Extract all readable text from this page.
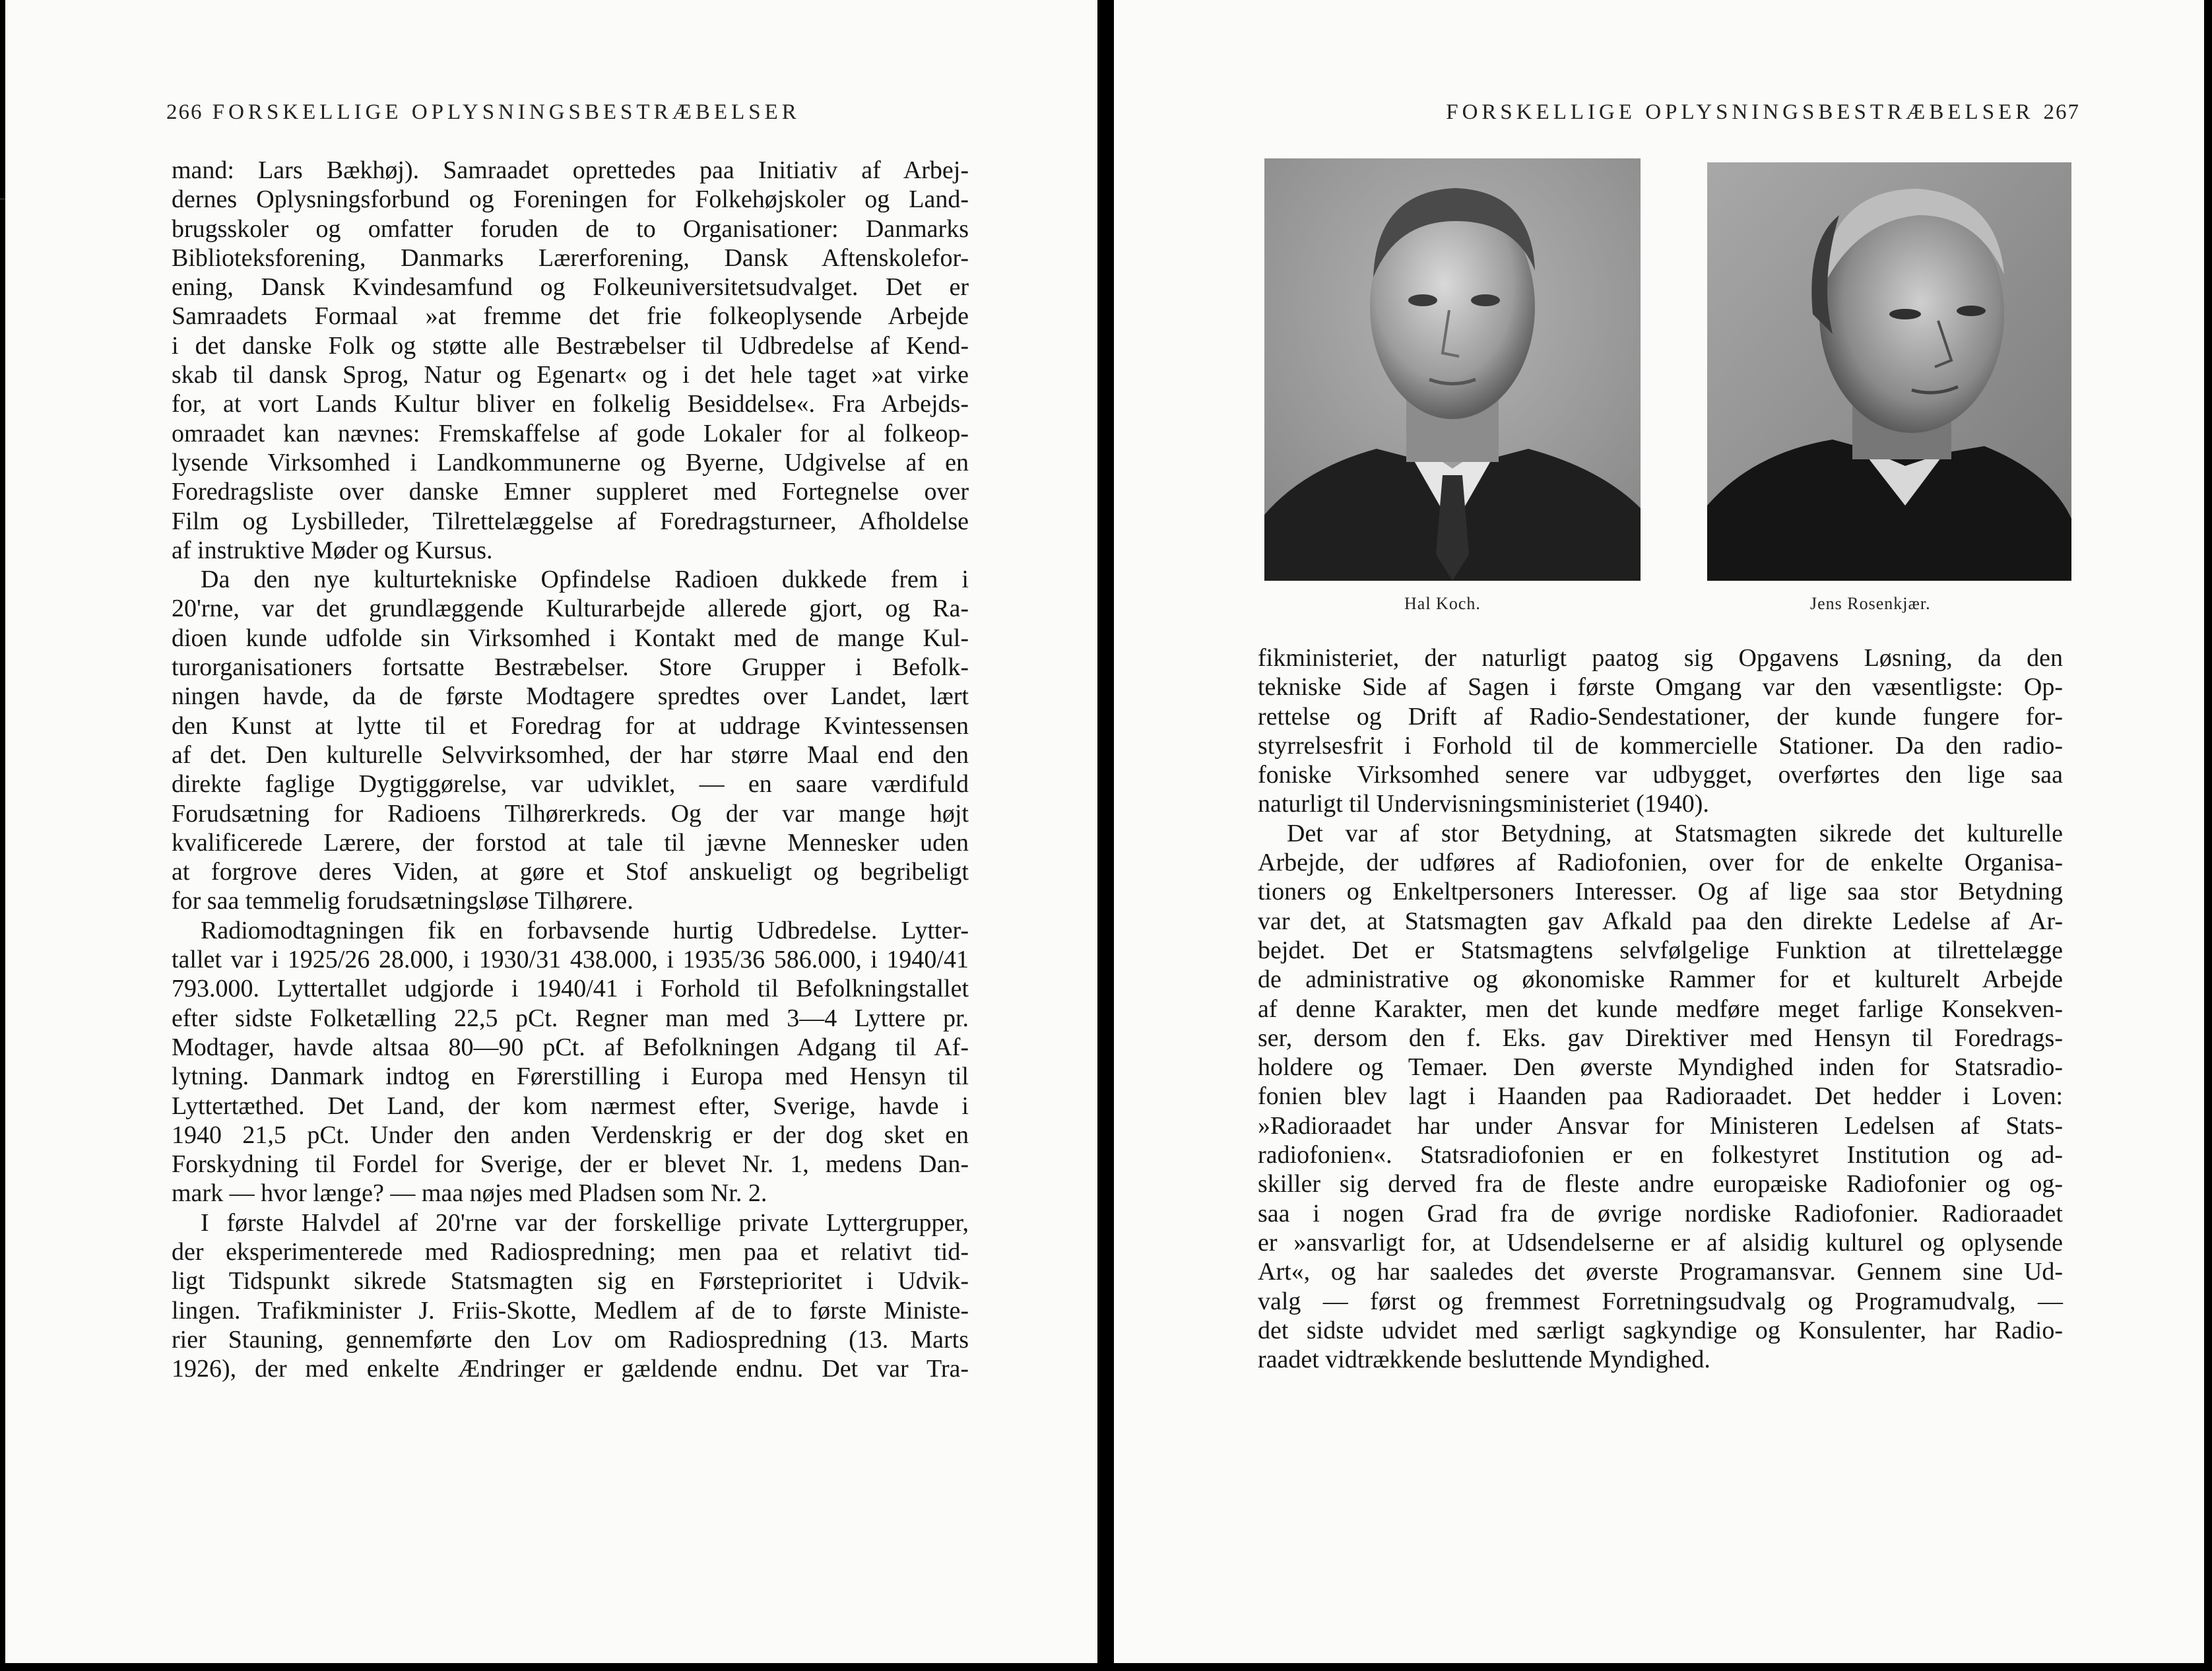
266 FORSKELLIGE OPLYSNINGSBESTRÆBELSER
mand: Lars Bækhøj). Samraadet oprettedes paa Initiativ af Arbej-
dernes Oplysningsforbund og Foreningen for Folkehøjskoler og Land-
brugsskoler og omfatter foruden de to Organisationer: Danmarks
Biblioteksforening, Danmarks Lærerforening, Dansk Aftenskolefor-
ening, Dansk Kvindesamfund og Folkeuniversitetsudvalget. Det er
Samraadets Formaal »at fremme det frie folkeoplysende Arbejde
i det danske Folk og støtte alle Bestræbelser til Udbredelse af Kend-
skab til dansk Sprog, Natur og Egenart« og i det hele taget »at virke
for, at vort Lands Kultur bliver en folkelig Besiddelse«. Fra Arbejds-
omraadet kan nævnes: Fremskaffelse af gode Lokaler for al folkeop-
lysende Virksomhed i Landkommunerne og Byerne, Udgivelse af en
Foredragsliste over danske Emner suppleret med Fortegnelse over
Film og Lysbilleder, Tilrettelæggelse af Foredragsturneer, Afholdelse
af instruktive Møder og Kursus.
Da den nye kulturtekniske Opfindelse Radioen dukkede frem i
20'rne, var det grundlæggende Kulturarbejde allerede gjort, og Ra-
dioen kunde udfolde sin Virksomhed i Kontakt med de mange Kul-
turorganisationers fortsatte Bestræbelser. Store Grupper i Befolk-
ningen havde, da de første Modtagere spredtes over Landet, lært
den Kunst at lytte til et Foredrag for at uddrage Kvintessensen
af det. Den kulturelle Selvvirksomhed, der har større Maal end den
direkte faglige Dygtiggørelse, var udviklet, — en saare værdifuld
Forudsætning for Radioens Tilhørerkreds. Og der var mange højt
kvalificerede Lærere, der forstod at tale til jævne Mennesker uden
at forgrove deres Viden, at gøre et Stof anskueligt og begribeligt
for saa temmelig forudsætningsløse Tilhørere.
Radiomodtagningen fik en forbavsende hurtig Udbredelse. Lytter-
tallet var i 1925/26 28.000, i 1930/31 438.000, i 1935/36 586.000, i 1940/41
793.000. Lyttertallet udgjorde i 1940/41 i Forhold til Befolkningstallet
efter sidste Folketælling 22,5 pCt. Regner man med 3—4 Lyttere pr.
Modtager, havde altsaa 80—90 pCt. af Befolkningen Adgang til Af-
lytning. Danmark indtog en Førerstilling i Europa med Hensyn til
Lyttertæthed. Det Land, der kom nærmest efter, Sverige, havde i
1940 21,5 pCt. Under den anden Verdenskrig er der dog sket en
Forskydning til Fordel for Sverige, der er blevet Nr. 1, medens Dan-
mark — hvor længe? — maa nøjes med Pladsen som Nr. 2.
I første Halvdel af 20'rne var der forskellige private Lyttergrupper,
der eksperimenterede med Radiospredning; men paa et relativt tid-
ligt Tidspunkt sikrede Statsmagten sig en Førsteprioritet i Udvik-
lingen. Trafikminister J. Friis-Skotte, Medlem af de to første Ministe-
rier Stauning, gennemførte den Lov om Radiospredning (13. Marts
1926), der med enkelte Ændringer er gældende endnu. Det var Tra-
FORSKELLIGE OPLYSNINGSBESTRÆBELSER 267
Hal Koch.	Jens Rosenkjær.
fikministeriet, der naturligt paatog sig Opgavens Løsning, da den
tekniske Side af Sagen i første Omgang var den væsentligste: Op-
rettelse og Drift af Radio-Sendestationer, der kunde fungere for-
styrrelsesfrit i Forhold til de kommercielle Stationer. Da den radio-
foniske Virksomhed senere var udbygget, overførtes den lige saa
naturligt til Undervisningsministeriet (1940).
Det var af stor Betydning, at Statsmagten sikrede det kulturelle
Arbejde, der udføres af Radiofonien, over for de enkelte Organisa-
tioners og Enkeltpersoners Interesser. Og af lige saa stor Betydning
var det, at Statsmagten gav Afkald paa den direkte Ledelse af Ar-
bejdet. Det er Statsmagtens selvfølgelige Funktion at tilrettelægge
de administrative og økonomiske Rammer for et kulturelt Arbejde
af denne Karakter, men det kunde medføre meget farlige Konsekven-
ser, dersom den f. Eks. gav Direktiver med Hensyn til Foredrags-
holdere og Temaer. Den øverste Myndighed inden for Statsradio-
fonien blev lagt i Haanden paa Radioraadet. Det hedder i Loven:
»Radioraadet har under Ansvar for Ministeren Ledelsen af Stats-
radiofonien«. Statsradiofonien er en folkestyret Institution og ad-
skiller sig derved fra de fleste andre europæiske Radiofonier og og-
saa i nogen Grad fra de øvrige nordiske Radiofonier. Radioraadet
er »ansvarligt for, at Udsendelserne er af alsidig kulturel og oplysende
Art«, og har saaledes det øverste Programansvar. Gennem sine Ud-
valg — først og fremmest Forretningsudvalg og Programudvalg, —
det sidste udvidet med særligt sagkyndige og Konsulenter, har Radio-
raadet vidtrækkende besluttende Myndighed.
